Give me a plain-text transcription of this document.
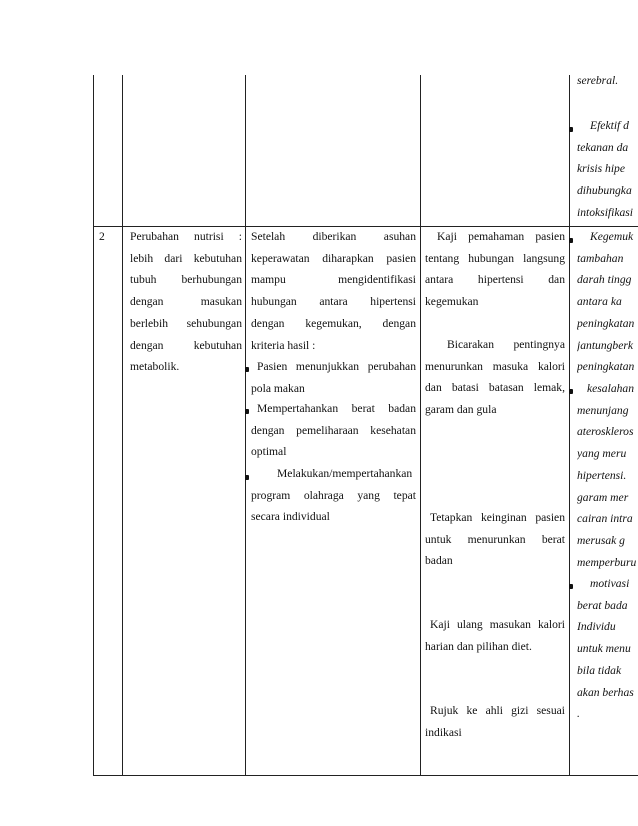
serebral.
Efektif d
tekanan da
krisis hipe
dihubungka
intoksifikasi
2 Perubahan nutrisi :
lebih dari kebutuhan
tubuh berhubungan
dengan masukan
berlebih sehubungan
dengan kebutuhan
metabolik.
Setelah diberikan asuhan
keperawatan diharapkan pasien
mampu mengidentifikasi
hubungan antara hipertensi
dengan kegemukan, dengan
kriteria hasil :
Pasien menunjukkan perubahan
pola makan
Mempertahankan berat badan
dengan pemeliharaan kesehatan
optimal
Melakukan/mempertahankan
program olahraga yang tepat
secara individual
Kaji pemahaman pasien
tentang hubungan langsung
antara hipertensi dan
kegemukan
Bicarakan pentingnya
menurunkan masuka kalori
dan batasi batasan lemak,
garam dan gula
Tetapkan keinginan pasien
untuk menurunkan berat
badan
Kaji ulang masukan kalori
harian dan pilihan diet.
Rujuk ke ahli gizi sesuai
indikasi
Kegemuk
tambahan
darah tingg
antara ka
peningkatan
jantungberk
peningkatan
kesalahan
menunjang
ateroskleros
yang meru
hipertensi.
garam mer
cairan intra
merusak g
memperburu
motivasi
berat bada
Individu
untuk menu
bila tidak
akan berhas
.
